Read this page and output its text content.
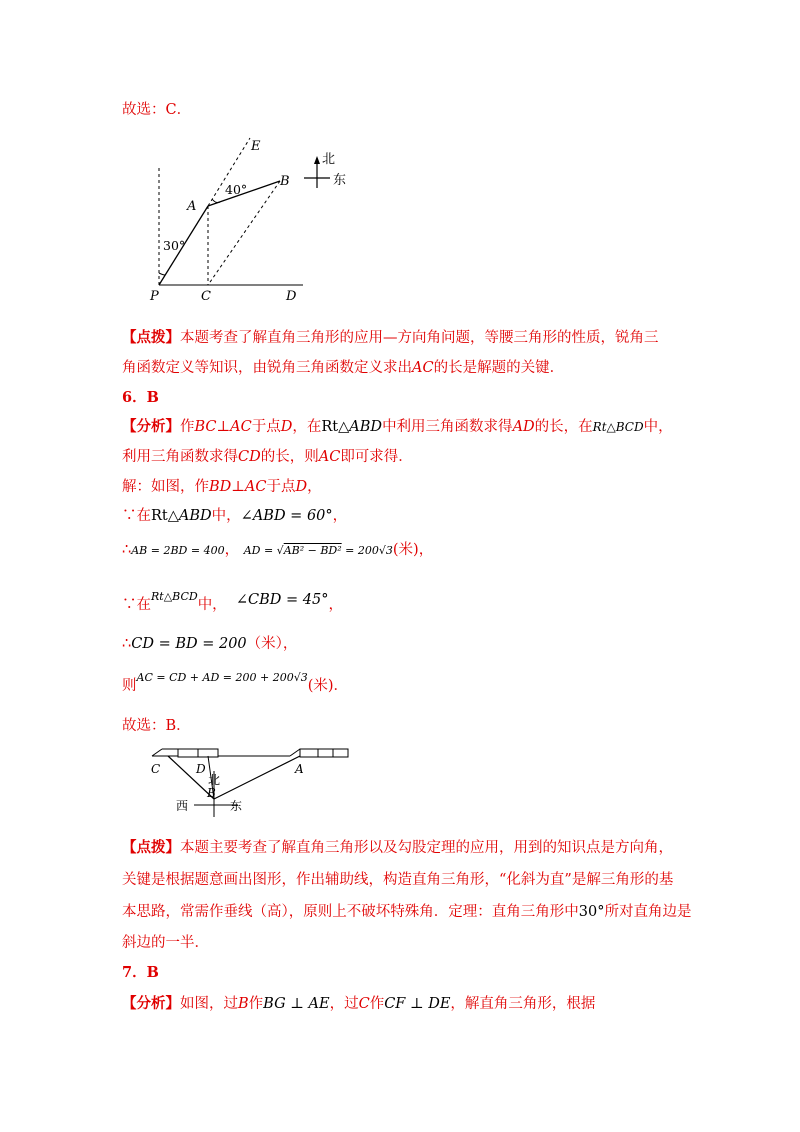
故选：C．
E
B
40°
A
30°
P	C	D
北
东
【点拨】本题考查了解直角三角形的应用—方向角问题，等腰三角形的性质，锐角三
角函数定义等知识，由锐角三角函数定义求出AC的长是解题的关键．
6．B
【分析】作BC⊥AC于点D，在Rt△ABD中利用三角函数求得AD的长，在Rt△BCD中，
利用三角函数求得CD的长，则AC即可求得．
解：如图，作BD⊥AC于点D，
∵在Rt△ABD中，∠ABD = 60°，
∴AB = 2BD = 400， AD = √AB² − BD² = 200√3(米)，
∵在$^{Rt\triangle BCD}$中， ∠CBD = 45°，
∴CD = BD = 200（米），
则$^{AC = CD + AD = 200 + 200√3}$(米)．
故选：B．
C	D	A
北
B
西	东
【点拨】本题主要考查了解直角三角形以及勾股定理的应用，用到的知识点是方向角，
关键是根据题意画出图形，作出辅助线，构造直角三角形，“化斜为直”是解三角形的基
本思路，常需作垂线（高），原则上不破坏特殊角．定理：直角三角形中30°所对直角边是
斜边的一半．
7．B
【分析】如图，过B作BG ⊥ AE，过C作CF ⊥ DE，解直角三角形，根据
